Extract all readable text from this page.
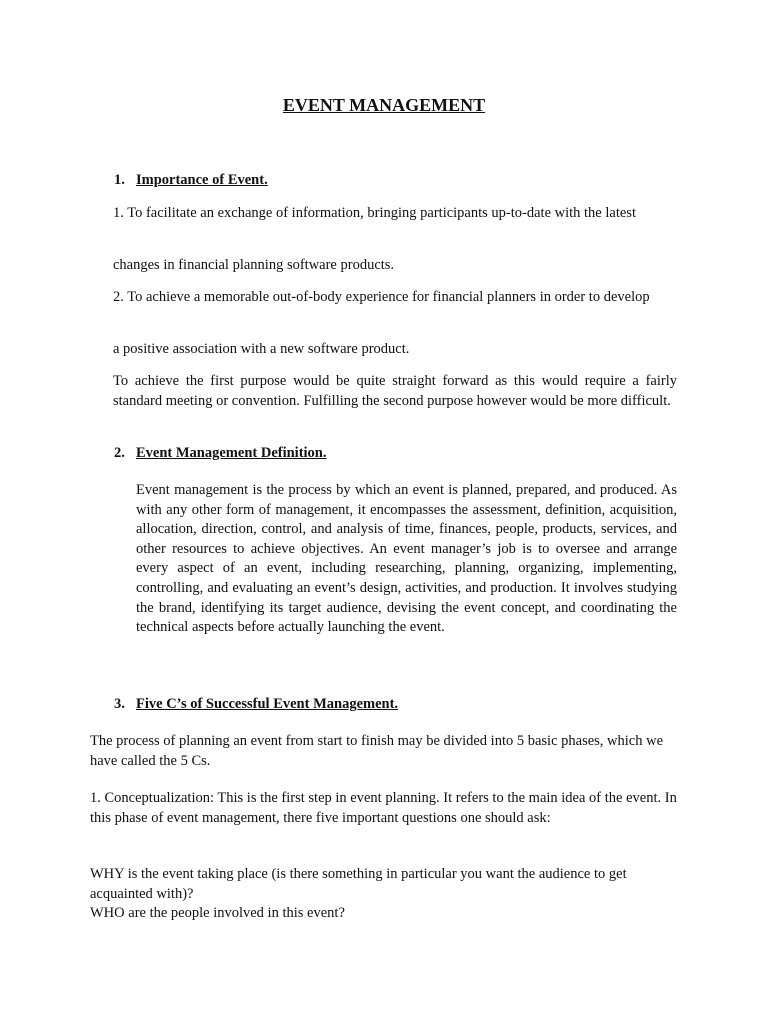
EVENT MANAGEMENT
1. Importance of Event.
1. To facilitate an exchange of information, bringing participants up-to-date with the latest
changes in financial planning software products.
2. To achieve a memorable out-of-body experience for financial planners in order to develop
a positive association with a new software product.
To achieve the first purpose would be quite straight forward as this would require a fairly standard meeting or convention. Fulfilling the second purpose however would be more difficult.
2. Event Management Definition.
Event management is the process by which an event is planned, prepared, and produced. As with any other form of management, it encompasses the assessment, definition, acquisition, allocation, direction, control, and analysis of time, finances, people, products, services, and other resources to achieve objectives. An event manager’s job is to oversee and arrange every aspect of an event, including researching, planning, organizing, implementing, controlling, and evaluating an event’s design, activities, and production. It involves studying the brand, identifying its target audience, devising the event concept, and coordinating the technical aspects before actually launching the event.
3. Five C’s of Successful Event Management.
The process of planning an event from start to finish may be divided into 5 basic phases, which we have called the 5 Cs.
1. Conceptualization: This is the first step in event planning. It refers to the main idea of the event. In this phase of event management, there five important questions one should ask:
WHY is the event taking place (is there something in particular you want the audience to get acquainted with)?
WHO are the people involved in this event?
